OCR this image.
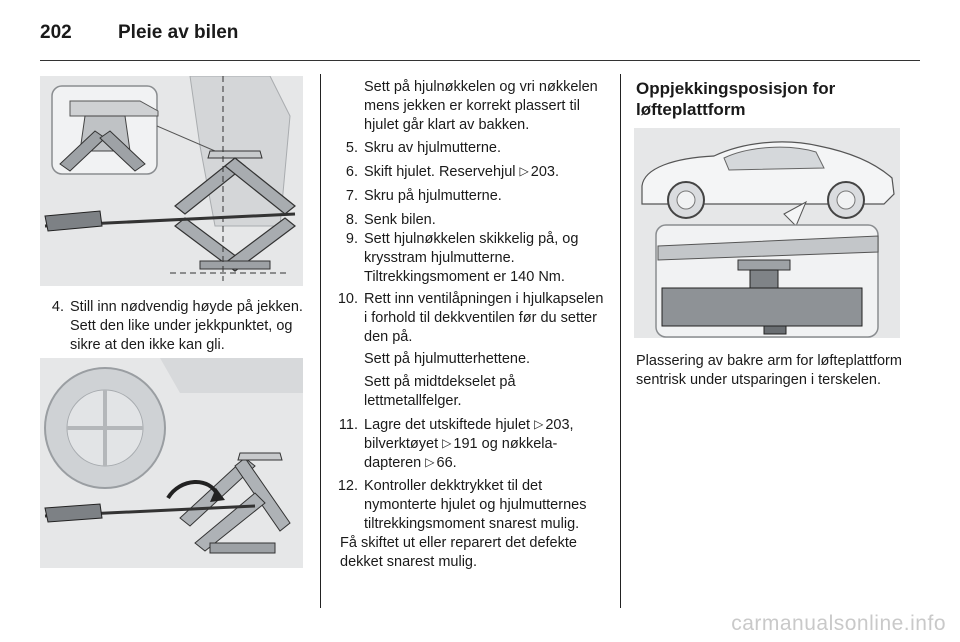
202	Pleie av bilen
4. Still inn nødvendig høyde på jekken. Sett den like under jekkpunktet, og sikre at den ikke kan gli.
Sett på hjulnøkkelen og vri nøkkelen mens jekken er korrekt plassert til hjulet går klart av bakken.
5. Skru av hjulmutterne.
6. Skift hjulet. Reservehjul ▷ 203.
7. Skru på hjulmutterne.
8. Senk bilen.
9. Sett hjulnøkkelen skikkelig på, og krysstram hjulmutterne. Tiltrekkingsmoment er 140 Nm.
10. Rett inn ventilåpningen i hjulkapselen i forhold til dekkventilen før du setter den på.
Sett på hjulmutterhettene.
Sett på midtdekselet på lettmetallfelger.
11. Lagre det utskiftede hjulet ▷ 203,
bilverktøyet ▷ 191 og nøkkela-
dapteren ▷ 66.
12. Kontroller dekktrykket til det nymonterte hjulet og hjulmutternes tiltrekkingsmoment snarest mulig.
Få skiftet ut eller reparert det defekte dekket snarest mulig.
Oppjekkingsposisjon for løfteplattform
Plassering av bakre arm for løfteplattform sentrisk under utsparingen i terskelen.
carmanualsonline.info
